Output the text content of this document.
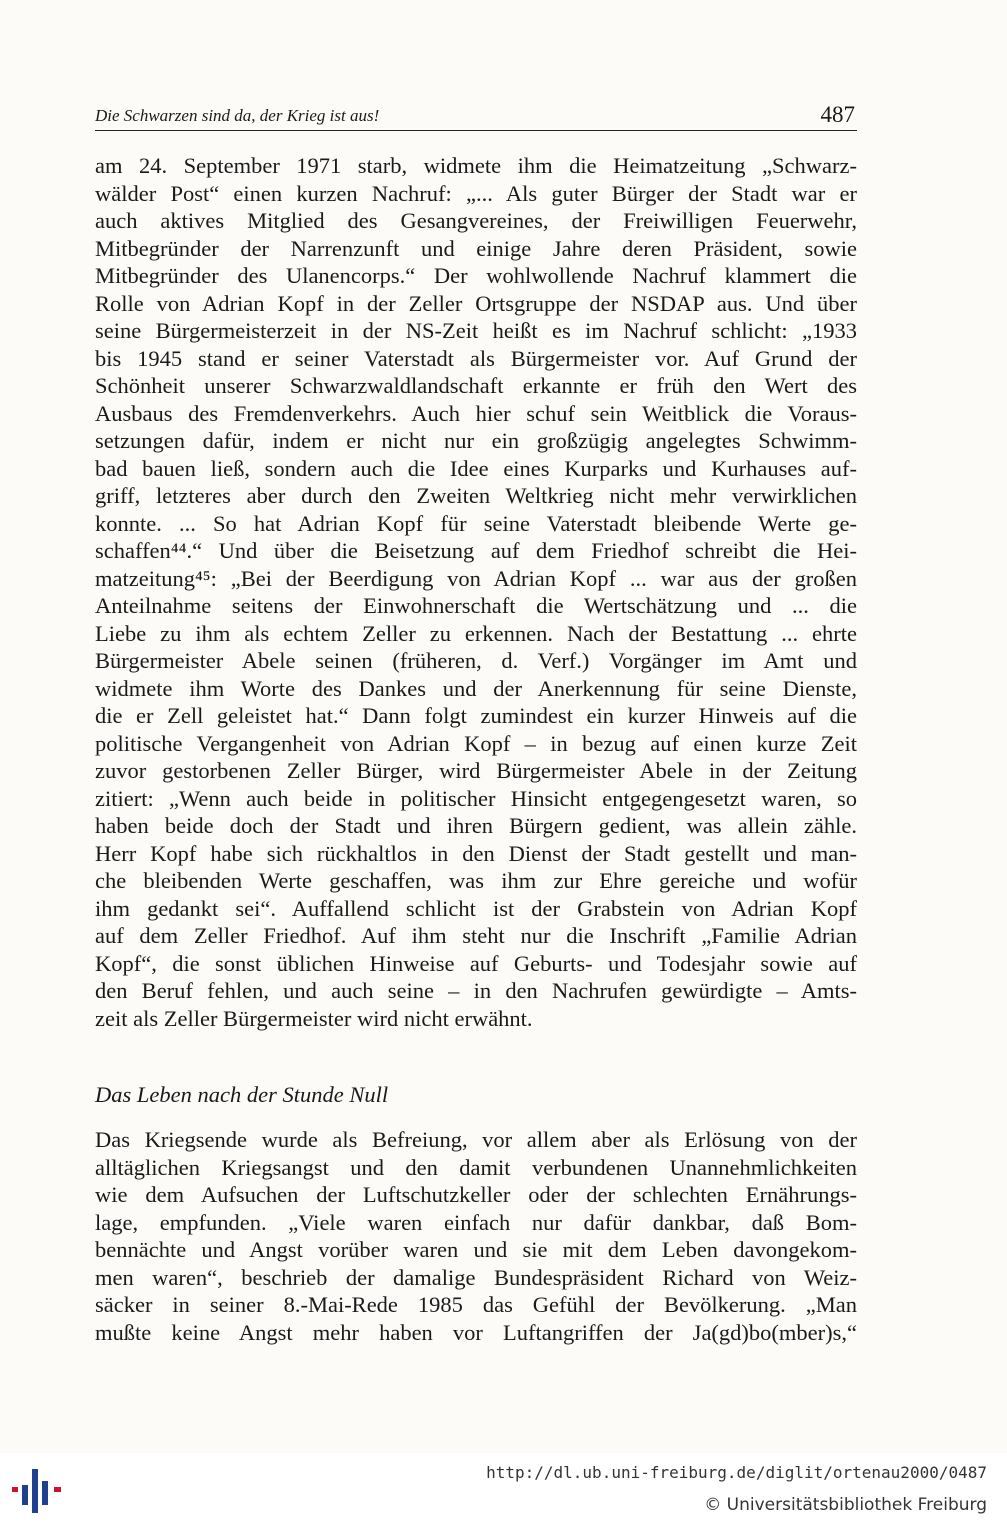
Die Schwarzen sind da, der Krieg ist aus!	487
am 24. September 1971 starb, widmete ihm die Heimatzeitung „Schwarz-
wälder Post“ einen kurzen Nachruf: „... Als guter Bürger der Stadt war er
auch aktives Mitglied des Gesangvereines, der Freiwilligen Feuerwehr,
Mitbegründer der Narrenzunft und einige Jahre deren Präsident, sowie
Mitbegründer des Ulanencorps.“ Der wohlwollende Nachruf klammert die
Rolle von Adrian Kopf in der Zeller Ortsgruppe der NSDAP aus. Und über
seine Bürgermeisterzeit in der NS-Zeit heißt es im Nachruf schlicht: „1933
bis 1945 stand er seiner Vaterstadt als Bürgermeister vor. Auf Grund der
Schönheit unserer Schwarzwaldlandschaft erkannte er früh den Wert des
Ausbaus des Fremdenverkehrs. Auch hier schuf sein Weitblick die Voraus-
setzungen dafür, indem er nicht nur ein großzügig angelegtes Schwimm-
bad bauen ließ, sondern auch die Idee eines Kurparks und Kurhauses auf-
griff, letzteres aber durch den Zweiten Weltkrieg nicht mehr verwirklichen
konnte. ... So hat Adrian Kopf für seine Vaterstadt bleibende Werte ge-
schaffen⁴⁴.“ Und über die Beisetzung auf dem Friedhof schreibt die Hei-
matzeitung⁴⁵: „Bei der Beerdigung von Adrian Kopf ... war aus der großen
Anteilnahme seitens der Einwohnerschaft die Wertschätzung und ... die
Liebe zu ihm als echtem Zeller zu erkennen. Nach der Bestattung ... ehrte
Bürgermeister Abele seinen (früheren, d. Verf.) Vorgänger im Amt und
widmete ihm Worte des Dankes und der Anerkennung für seine Dienste,
die er Zell geleistet hat.“ Dann folgt zumindest ein kurzer Hinweis auf die
politische Vergangenheit von Adrian Kopf – in bezug auf einen kurze Zeit
zuvor gestorbenen Zeller Bürger, wird Bürgermeister Abele in der Zeitung
zitiert: „Wenn auch beide in politischer Hinsicht entgegengesetzt waren, so
haben beide doch der Stadt und ihren Bürgern gedient, was allein zähle.
Herr Kopf habe sich rückhaltlos in den Dienst der Stadt gestellt und man-
che bleibenden Werte geschaffen, was ihm zur Ehre gereiche und wofür
ihm gedankt sei“. Auffallend schlicht ist der Grabstein von Adrian Kopf
auf dem Zeller Friedhof. Auf ihm steht nur die Inschrift „Familie Adrian
Kopf“, die sonst üblichen Hinweise auf Geburts- und Todesjahr sowie auf
den Beruf fehlen, und auch seine – in den Nachrufen gewürdigte – Amts-
zeit als Zeller Bürgermeister wird nicht erwähnt.
Das Leben nach der Stunde Null
Das Kriegsende wurde als Befreiung, vor allem aber als Erlösung von der
alltäglichen Kriegsangst und den damit verbundenen Unannehmlichkeiten
wie dem Aufsuchen der Luftschutzkeller oder der schlechten Ernährungs-
lage, empfunden. „Viele waren einfach nur dafür dankbar, daß Bom-
bennächte und Angst vorüber waren und sie mit dem Leben davongekom-
men waren“, beschrieb der damalige Bundespräsident Richard von Weiz-
säcker in seiner 8.-Mai-Rede 1985 das Gefühl der Bevölkerung. „Man
mußte keine Angst mehr haben vor Luftangriffen der Ja(gd)bo(mber)s,“
http://dl.ub.uni-freiburg.de/diglit/ortenau2000/0487
© Universitätsbibliothek Freiburg
